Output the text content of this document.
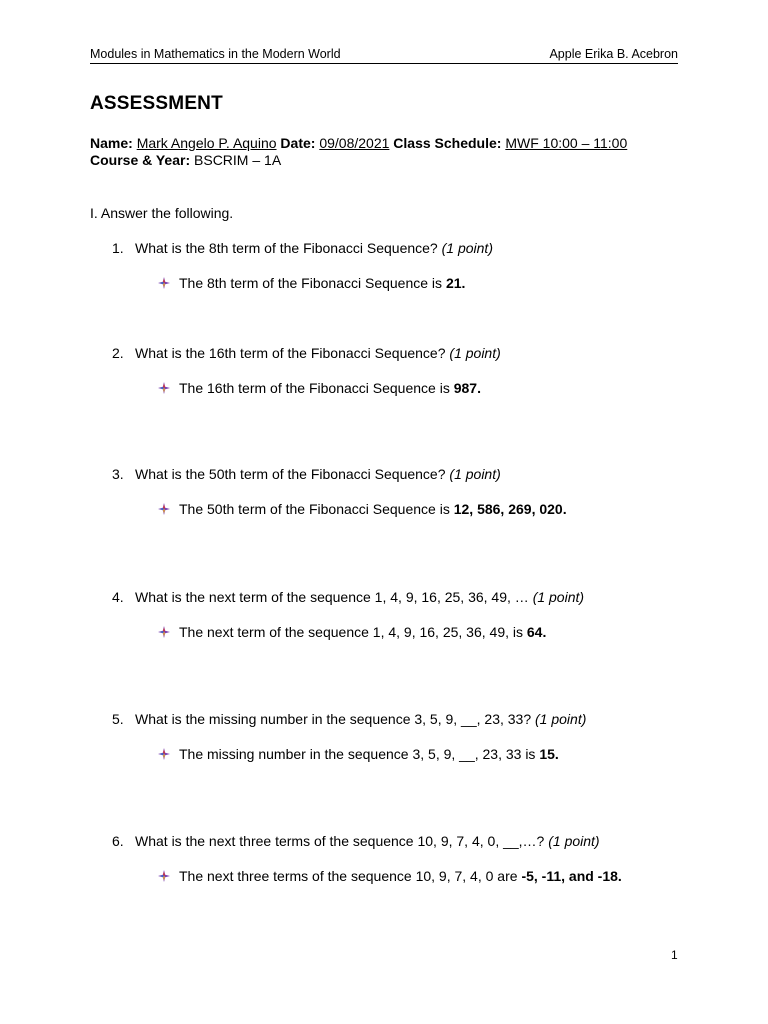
Modules in Mathematics in the Modern World	Apple Erika B. Acebron
ASSESSMENT
Name: Mark Angelo P. Aquino Date: 09/08/2021 Class Schedule: MWF 10:00 – 11:00
Course & Year: BSCRIM – 1A
I. Answer the following.
1. What is the 8th term of the Fibonacci Sequence? (1 point)
The 8th term of the Fibonacci Sequence is 21.
2. What is the 16th term of the Fibonacci Sequence? (1 point)
The 16th term of the Fibonacci Sequence is 987.
3. What is the 50th term of the Fibonacci Sequence? (1 point)
The 50th term of the Fibonacci Sequence is 12, 586, 269, 020.
4. What is the next term of the sequence 1, 4, 9, 16, 25, 36, 49, … (1 point)
The next term of the sequence 1, 4, 9, 16, 25, 36, 49, is 64.
5. What is the missing number in the sequence 3, 5, 9, __, 23, 33? (1 point)
The missing number in the sequence 3, 5, 9, __, 23, 33 is 15.
6. What is the next three terms of the sequence 10, 9, 7, 4, 0, __,…? (1 point)
The next three terms of the sequence 10, 9, 7, 4, 0 are -5, -11, and -18.
1
